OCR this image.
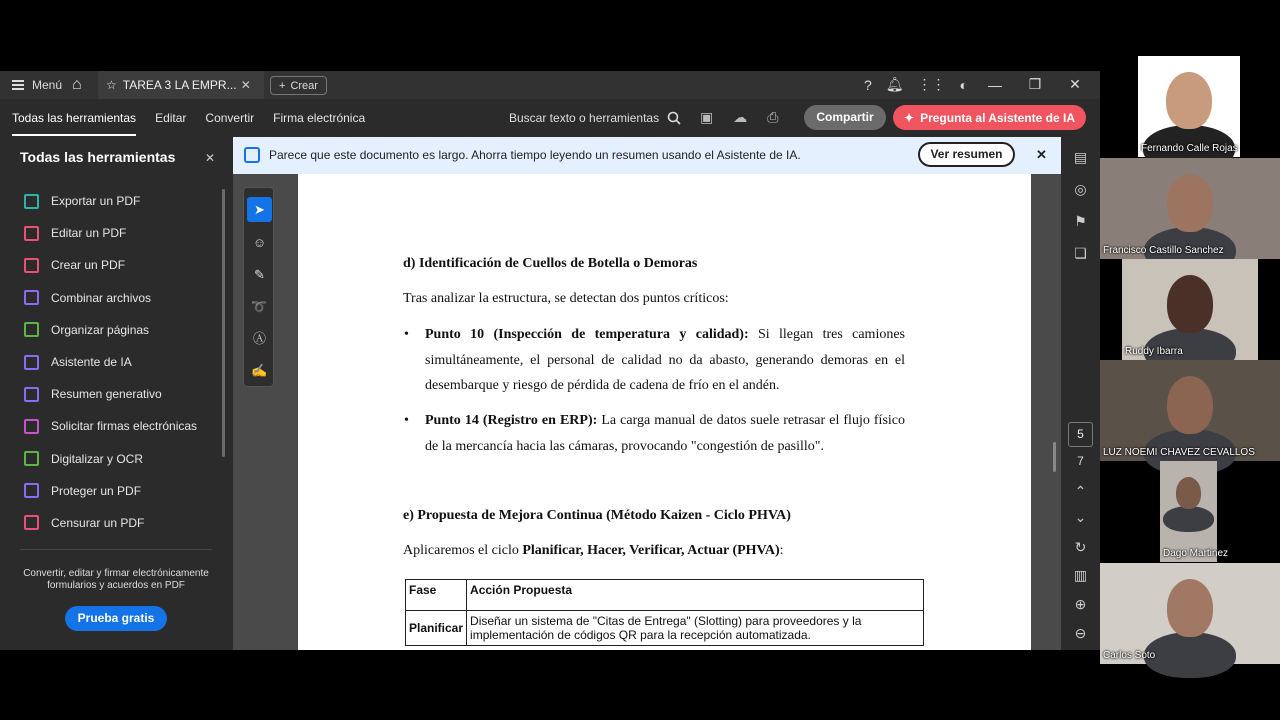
Menú ⌂ ☆ TAREA 3 LA EMPR... ✕	+ Crear	? 🔔︎ ⋮⋮ ◐	—	❐	✕
Todas las herramientas Editar Convertir Firma electrónica	Buscar texto o herramientas	▣ ☁ ⎙	Compartir	✦ Pregunta al Asistente de IA
Todas las herramientas ✕
Exportar un PDF
Editar un PDF
Crear un PDF
Combinar archivos
Organizar páginas
Asistente de IA
Resumen generativo
Solicitar firmas electrónicas
Digitalizar y OCR
Proteger un PDF
Censurar un PDF
Convertir, editar y firmar electrónicamente formularios y acuerdos en PDF
Prueba gratis
Parece que este documento es largo. Ahorra tiempo leyendo un resumen usando el Asistente de IA.	Ver resumen	✕
d) Identificación de Cuellos de Botella o Demoras
Tras analizar la estructura, se detectan dos puntos críticos:
• Punto 10 (Inspección de temperatura y calidad): Si llegan tres camiones simultáneamente, el personal de calidad no da abasto, generando demoras en el desembarque y riesgo de pérdida de cadena de frío en el andén.
• Punto 14 (Registro en ERP): La carga manual de datos suele retrasar el flujo físico de la mercancía hacia las cámaras, provocando "congestión de pasillo".
e) Propuesta de Mejora Continua (Método Kaizen - Ciclo PHVA)
Aplicaremos el ciclo Planificar, Hacer, Verificar, Actuar (PHVA):
Fase	Acción Propuesta
Planificar	Diseñar un sistema de "Citas de Entrega" (Slotting) para proveedores y la implementación de códigos QR para la recepción automatizada.
➤
☺
✎
➰
Ⓐ
✍
▤
◎
⚑
❏
5
7
⌃
⌄
↻
▥
⊕
⊖
Fernando Calle Rojas
Francisco Castillo Sanchez
Ruddy Ibarra
LUZ NOEMI CHAVEZ CEVALLOS
Dago Martinez
Carlos Soto
